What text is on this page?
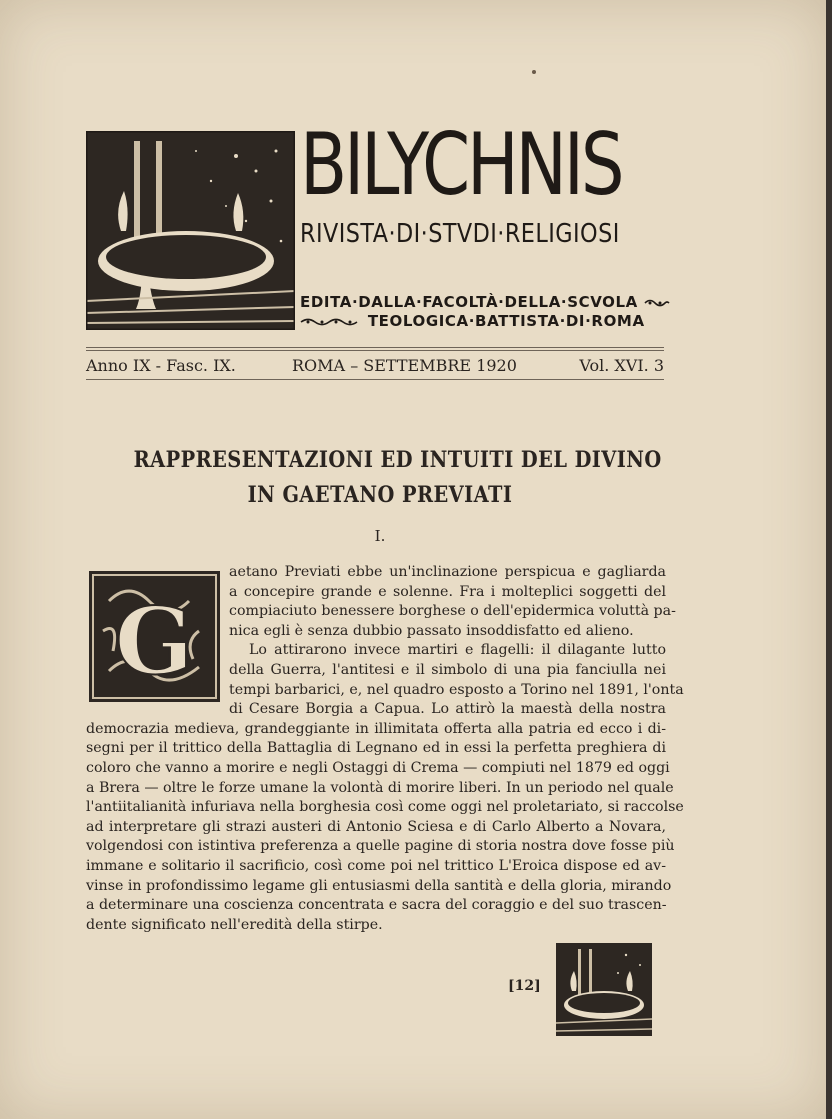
BILYCHNIS
RIVISTA·DI·STVDI·RELIGIOSI
EDITA·DALLA·FACOLTÀ·DELLA·SCVOLA
TEOLOGICA·BATTISTA·DI·ROMA
Anno IX - Fasc. IX.	ROMA – SETTEMBRE 1920	Vol. XVI. 3
RAPPRESENTAZIONI ED INTUITI DEL DIVINO
IN GAETANO PREVIATI
I.
G
aetano Previati ebbe un'inclinazione perspicua e gagliarda
a concepire grande e solenne. Fra i molteplici soggetti del
compiaciuto benessere borghese o dell'epidermica voluttà pa-
nica egli è senza dubbio passato insoddisfatto ed alieno.
Lo attirarono invece martiri e flagelli: il dilagante lutto
della Guerra, l'antitesi e il simbolo di una pia fanciulla nei
tempi barbarici, e, nel quadro esposto a Torino nel 1891, l'onta
di Cesare Borgia a Capua. Lo attirò la maestà della nostra
democrazia medieva, grandeggiante in illimitata offerta alla patria ed ecco i di-
segni per il trittico della Battaglia di Legnano ed in essi la perfetta preghiera di
coloro che vanno a morire e negli Ostaggi di Crema — compiuti nel 1879 ed oggi
a Brera — oltre le forze umane la volontà di morire liberi. In un periodo nel quale
l'antiitalianità infuriava nella borghesia così come oggi nel proletariato, si raccolse
ad interpretare gli strazi austeri di Antonio Sciesa e di Carlo Alberto a Novara,
volgendosi con istintiva preferenza a quelle pagine di storia nostra dove fosse più
immane e solitario il sacrificio, così come poi nel trittico L'Eroica dispose ed av-
vinse in profondissimo legame gli entusiasmi della santità e della gloria, mirando
a determinare una coscienza concentrata e sacra del coraggio e del suo trascen-
dente significato nell'eredità della stirpe.
[12]
